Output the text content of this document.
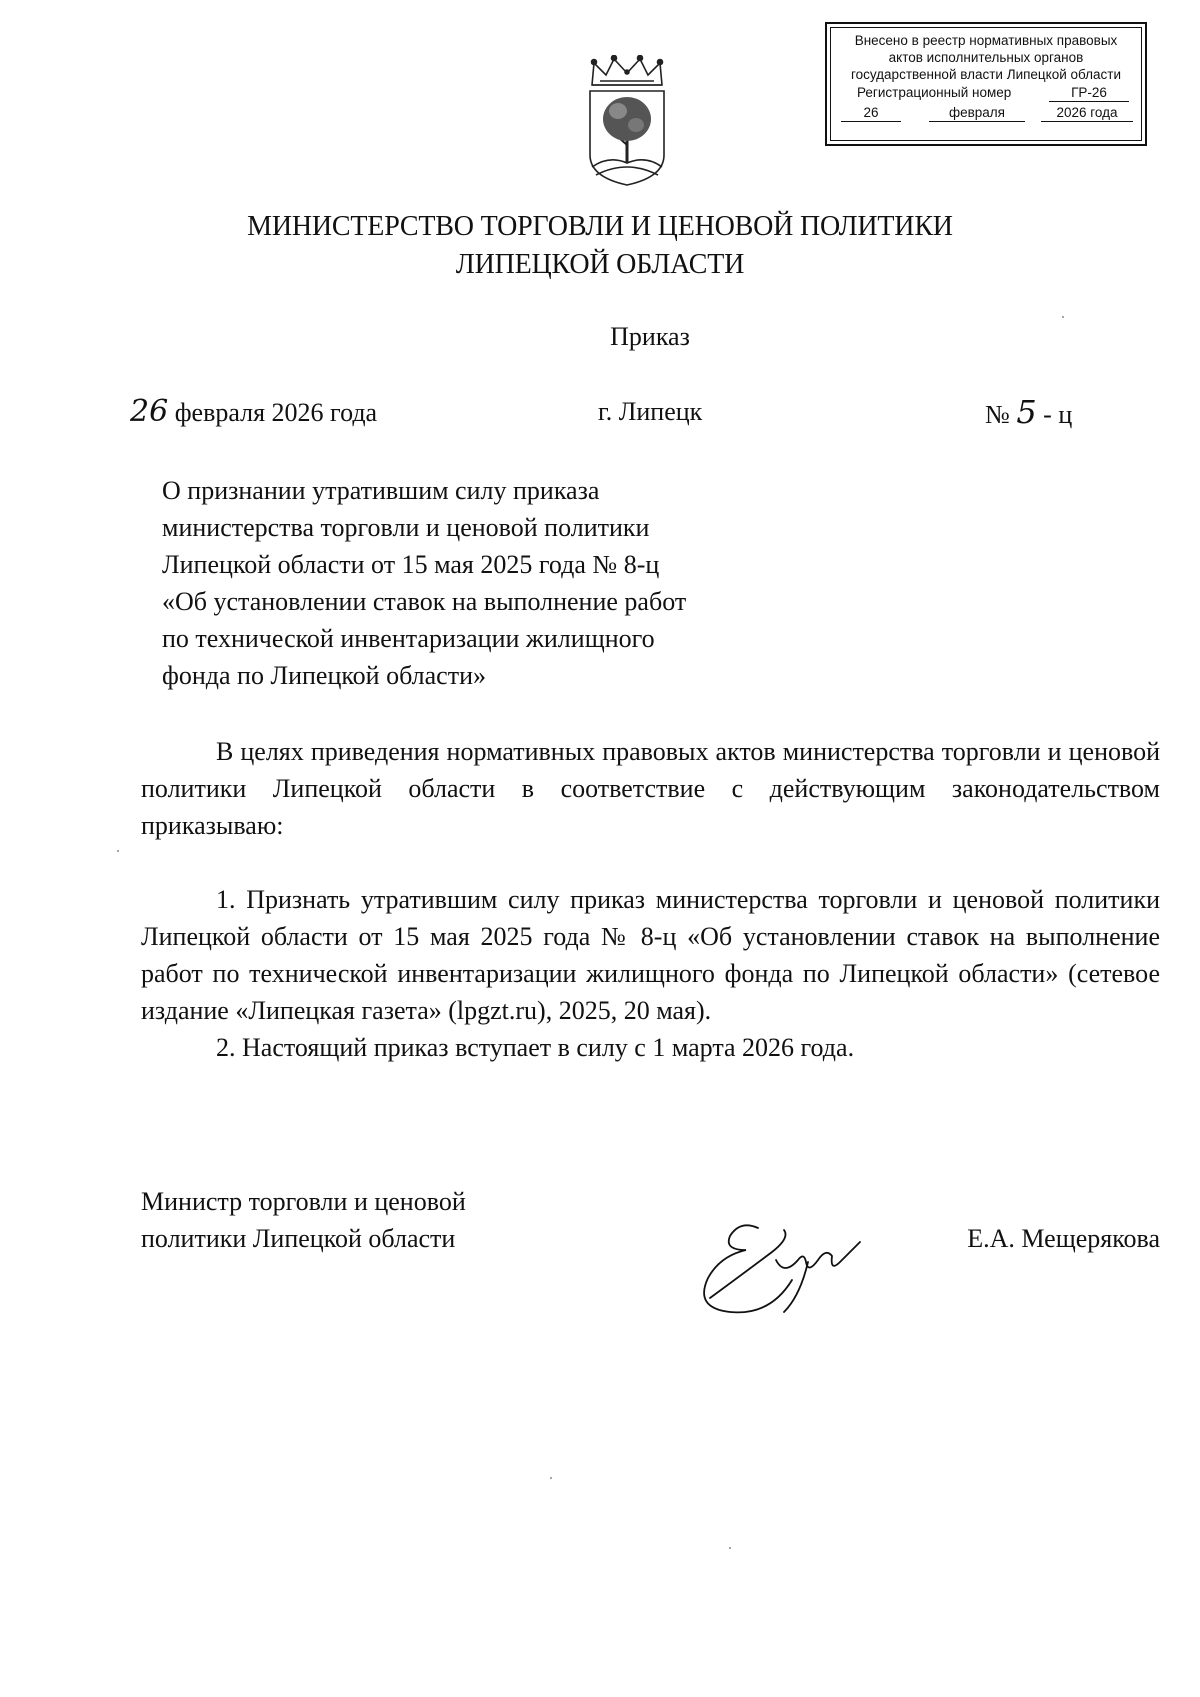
Внесено в реестр нормативных правовых
актов исполнительных органов
государственной власти Липецкой области
Регистрационный номер	ГР-26
26	февраля	2026 года
МИНИСТЕРСТВО ТОРГОВЛИ И ЦЕНОВОЙ ПОЛИТИКИ
ЛИПЕЦКОЙ ОБЛАСТИ
Приказ
26 февраля 2026 года	г. Липецк	№ 5 - ц
О признании утратившим силу приказа
министерства торговли и ценовой политики
Липецкой области от 15 мая 2025 года № 8-ц
«Об установлении ставок на выполнение работ
по технической инвентаризации жилищного
фонда по Липецкой области»

В целях приведения нормативных правовых актов министерства торговли и ценовой политики Липецкой области в соответствие с действующим законодательством приказываю:

1. Признать утратившим силу приказ министерства торговли и ценовой политики Липецкой области от 15 мая 2025 года № 8-ц «Об установлении ставок на выполнение работ по технической инвентаризации жилищного фонда по Липецкой области» (сетевое издание «Липецкая газета» (lpgzt.ru), 2025, 20 мая).

2. Настоящий приказ вступает в силу с 1 марта 2026 года.

Министр торговли и ценовой
политики Липецкой области	Е.А. Мещерякова
